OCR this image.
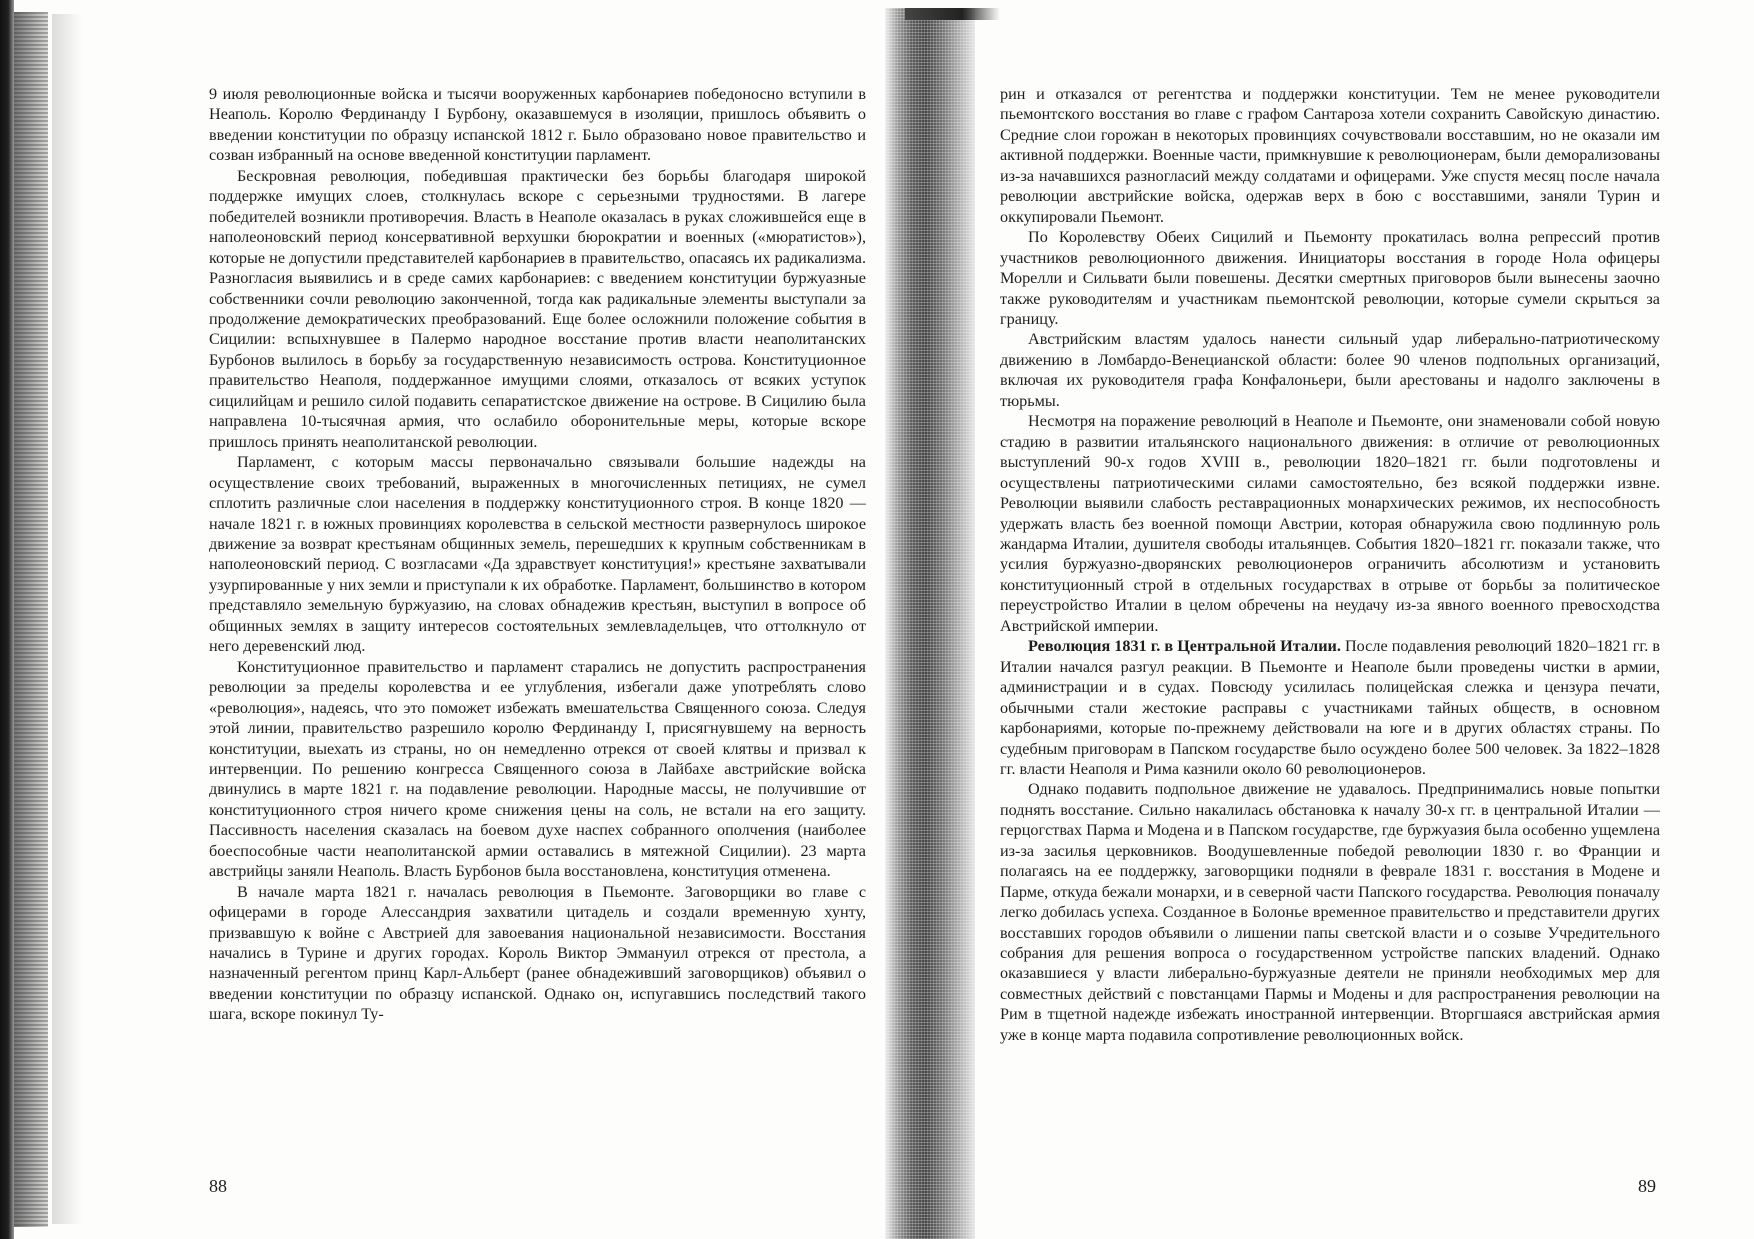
9 июля революционные войска и тысячи вооруженных карбонариев победоносно вступили в Неаполь. Королю Фердинанду I Бурбону, оказавшемуся в изоляции, пришлось объявить о введении конституции по образцу испанской 1812 г. Было образовано новое правительство и созван избранный на основе введенной конституции парламент.

Бескровная революция, победившая практически без борьбы благодаря широкой поддержке имущих слоев, столкнулась вскоре с серьезными трудностями. В лагере победителей возникли противоречия. Власть в Неаполе оказалась в руках сложившейся еще в наполеоновский период консервативной верхушки бюрократии и военных («мюратистов»), которые не допустили представителей карбонариев в правительство, опасаясь их радикализма. Разногласия выявились и в среде самих карбонариев: с введением конституции буржуазные собственники сочли революцию законченной, тогда как радикальные элементы выступали за продолжение демократических преобразований. Еще более осложнили положение события в Сицилии: вспыхнувшее в Палермо народное восстание против власти неаполитанских Бурбонов вылилось в борьбу за государственную независимость острова. Конституционное правительство Неаполя, поддержанное имущими слоями, отказалось от всяких уступок сицилийцам и решило силой подавить сепаратистское движение на острове. В Сицилию была направлена 10-тысячная армия, что ослабило оборонительные меры, которые вскоре пришлось принять неаполитанской революции.

Парламент, с которым массы первоначально связывали большие надежды на осуществление своих требований, выраженных в многочисленных петициях, не сумел сплотить различные слои населения в поддержку конституционного строя. В конце 1820 — начале 1821 г. в южных провинциях королевства в сельской местности развернулось широкое движение за возврат крестьянам общинных земель, перешедших к крупным собственникам в наполеоновский период. С возгласами «Да здравствует конституция!» крестьяне захватывали узурпированные у них земли и приступали к их обработке. Парламент, большинство в котором представляло земельную буржуазию, на словах обнадежив крестьян, выступил в вопросе об общинных землях в защиту интересов состоятельных землевладельцев, что оттолкнуло от него деревенский люд.

Конституционное правительство и парламент старались не допустить распространения революции за пределы королевства и ее углубления, избегали даже употреблять слово «революция», надеясь, что это поможет избежать вмешательства Священного союза. Следуя этой линии, правительство разрешило королю Фердинанду I, присягнувшему на верность конституции, выехать из страны, но он немедленно отрекся от своей клятвы и призвал к интервенции. По решению конгресса Священного союза в Лайбахе австрийские войска двинулись в марте 1821 г. на подавление революции. Народные массы, не получившие от конституционного строя ничего кроме снижения цены на соль, не встали на его защиту. Пассивность населения сказалась на боевом духе наспех собранного ополчения (наиболее боеспособные части неаполитанской армии оставались в мятежной Сицилии). 23 марта австрийцы заняли Неаполь. Власть Бурбонов была восстановлена, конституция отменена.

В начале марта 1821 г. началась революция в Пьемонте. Заговорщики во главе с офицерами в городе Алессандрия захватили цитадель и создали временную хунту, призвавшую к войне с Австрией для завоевания национальной независимости. Восстания начались в Турине и других городах. Король Виктор Эммануил отрекся от престола, а назначенный регентом принц Карл-Альберт (ранее обнадеживший заговорщиков) объявил о введении конституции по образцу испанской. Однако он, испугавшись последствий такого шага, вскоре покинул Ту-

88

рин и отказался от регентства и поддержки конституции. Тем не менее руководители пьемонтского восстания во главе с графом Сантароза хотели сохранить Савойскую династию. Средние слои горожан в некоторых провинциях сочувствовали восставшим, но не оказали им активной поддержки. Военные части, примкнувшие к революционерам, были деморализованы из-за начавшихся разногласий между солдатами и офицерами. Уже спустя месяц после начала революции австрийские войска, одержав верх в бою с восставшими, заняли Турин и оккупировали Пьемонт.

По Королевству Обеих Сицилий и Пьемонту прокатилась волна репрессий против участников революционного движения. Инициаторы восстания в городе Нола офицеры Морелли и Сильвати были повешены. Десятки смертных приговоров были вынесены заочно также руководителям и участникам пьемонтской революции, которые сумели скрыться за границу.

Австрийским властям удалось нанести сильный удар либерально-патриотическому движению в Ломбардо-Венецианской области: более 90 членов подпольных организаций, включая их руководителя графа Конфалоньери, были арестованы и надолго заключены в тюрьмы.

Несмотря на поражение революций в Неаполе и Пьемонте, они знаменовали собой новую стадию в развитии итальянского национального движения: в отличие от революционных выступлений 90-х годов XVIII в., революции 1820–1821 гг. были подготовлены и осуществлены патриотическими силами самостоятельно, без всякой поддержки извне. Революции выявили слабость реставрационных монархических режимов, их неспособность удержать власть без военной помощи Австрии, которая обнаружила свою подлинную роль жандарма Италии, душителя свободы итальянцев. События 1820–1821 гг. показали также, что усилия буржуазно-дворянских революционеров ограничить абсолютизм и установить конституционный строй в отдельных государствах в отрыве от борьбы за политическое переустройство Италии в целом обречены на неудачу из-за явного военного превосходства Австрийской империи.

Революция 1831 г. в Центральной Италии. После подавления революций 1820–1821 гг. в Италии начался разгул реакции. В Пьемонте и Неаполе были проведены чистки в армии, администрации и в судах. Повсюду усилилась полицейская слежка и цензура печати, обычными стали жестокие расправы с участниками тайных обществ, в основном карбонариями, которые по-прежнему действовали на юге и в других областях страны. По судебным приговорам в Папском государстве было осуждено более 500 человек. За 1822–1828 гг. власти Неаполя и Рима казнили около 60 революционеров.

Однако подавить подпольное движение не удавалось. Предпринимались новые попытки поднять восстание. Сильно накалилась обстановка к началу 30-х гг. в центральной Италии — герцогствах Парма и Модена и в Папском государстве, где буржуазия была особенно ущемлена из-за засилья церковников. Воодушевленные победой революции 1830 г. во Франции и полагаясь на ее поддержку, заговорщики подняли в феврале 1831 г. восстания в Модене и Парме, откуда бежали монархи, и в северной части Папского государства. Революция поначалу легко добилась успеха. Созданное в Болонье временное правительство и представители других восставших городов объявили о лишении папы светской власти и о созыве Учредительного собрания для решения вопроса о государственном устройстве папских владений. Однако оказавшиеся у власти либерально-буржуазные деятели не приняли необходимых мер для совместных действий с повстанцами Пармы и Модены и для распространения революции на Рим в тщетной надежде избежать иностранной интервенции. Вторгшаяся австрийская армия уже в конце марта подавила сопротивление революционных войск.

89
